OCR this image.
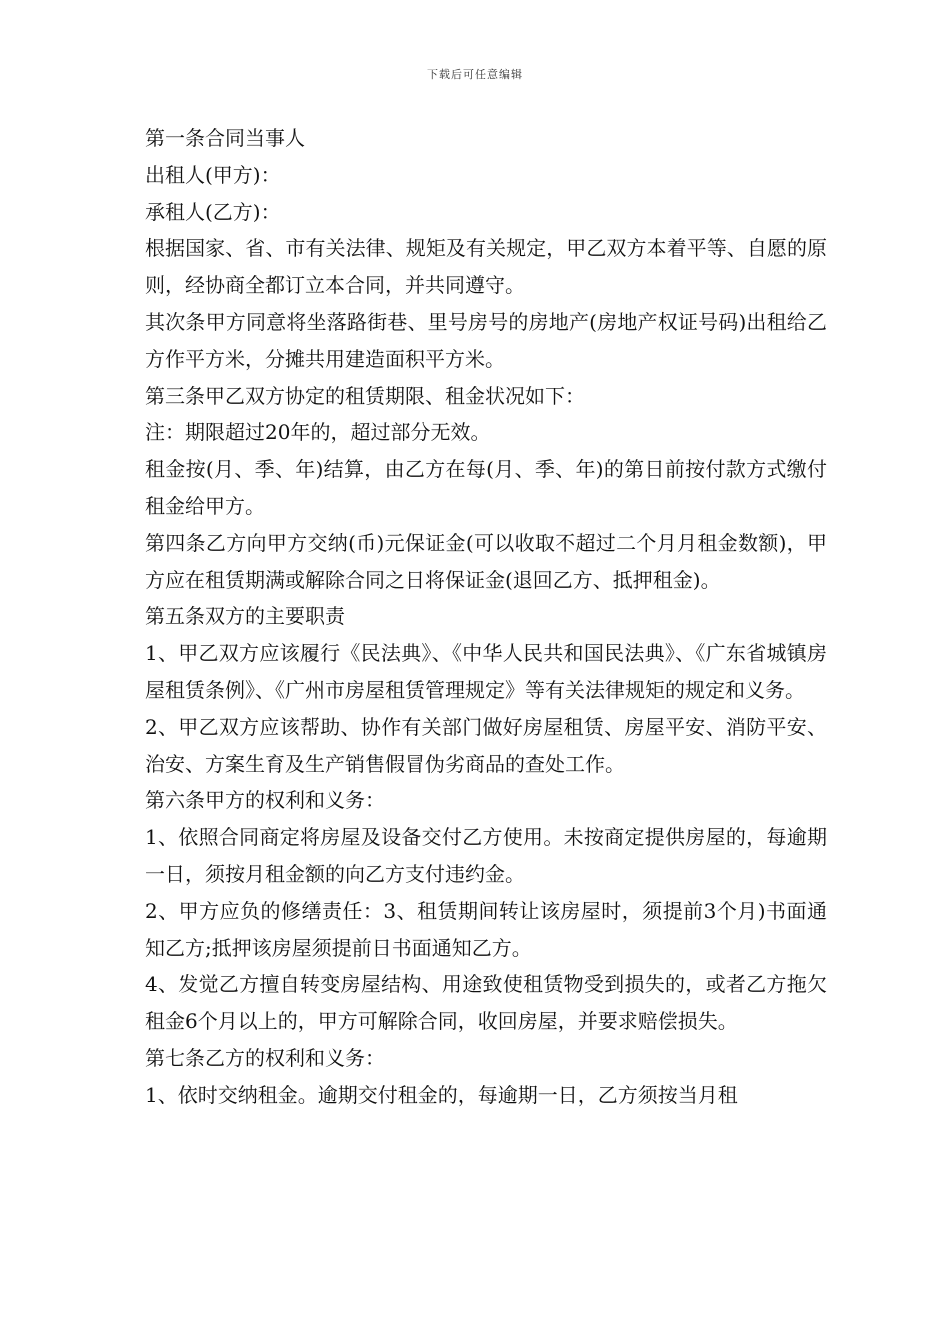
下载后可任意编辑

第一条合同当事人

出租人(甲方)：

承租人(乙方)：

根据国家、省、市有关法律、规矩及有关规定，甲乙双方本着平等、自愿的原则，经协商全都订立本合同，并共同遵守。

其次条甲方同意将坐落路街巷、里号房号的房地产(房地产权证号码)出租给乙方作平方米，分摊共用建造面积平方米。

第三条甲乙双方协定的租赁期限、租金状况如下：

注：期限超过20年的，超过部分无效。

租金按(月、季、年)结算，由乙方在每(月、季、年)的第日前按付款方式缴付租金给甲方。

第四条乙方向甲方交纳(币)元保证金(可以收取不超过二个月月租金数额)，甲方应在租赁期满或解除合同之日将保证金(退回乙方、抵押租金)。

第五条双方的主要职责

1、甲乙双方应该履行《民法典》、《中华人民共和国民法典》、《广东省城镇房屋租赁条例》、《广州市房屋租赁管理规定》等有关法律规矩的规定和义务。

2、甲乙双方应该帮助、协作有关部门做好房屋租赁、房屋平安、消防平安、治安、方案生育及生产销售假冒伪劣商品的查处工作。

第六条甲方的权利和义务：

1、依照合同商定将房屋及设备交付乙方使用。未按商定提供房屋的，每逾期一日，须按月租金额的向乙方支付违约金。

2、甲方应负的修缮责任：3、租赁期间转让该房屋时，须提前3个月)书面通知乙方;抵押该房屋须提前日书面通知乙方。

4、发觉乙方擅自转变房屋结构、用途致使租赁物受到损失的，或者乙方拖欠租金6个月以上的，甲方可解除合同，收回房屋，并要求赔偿损失。

第七条乙方的权利和义务：

1、依时交纳租金。逾期交付租金的，每逾期一日，乙方须按当月租
